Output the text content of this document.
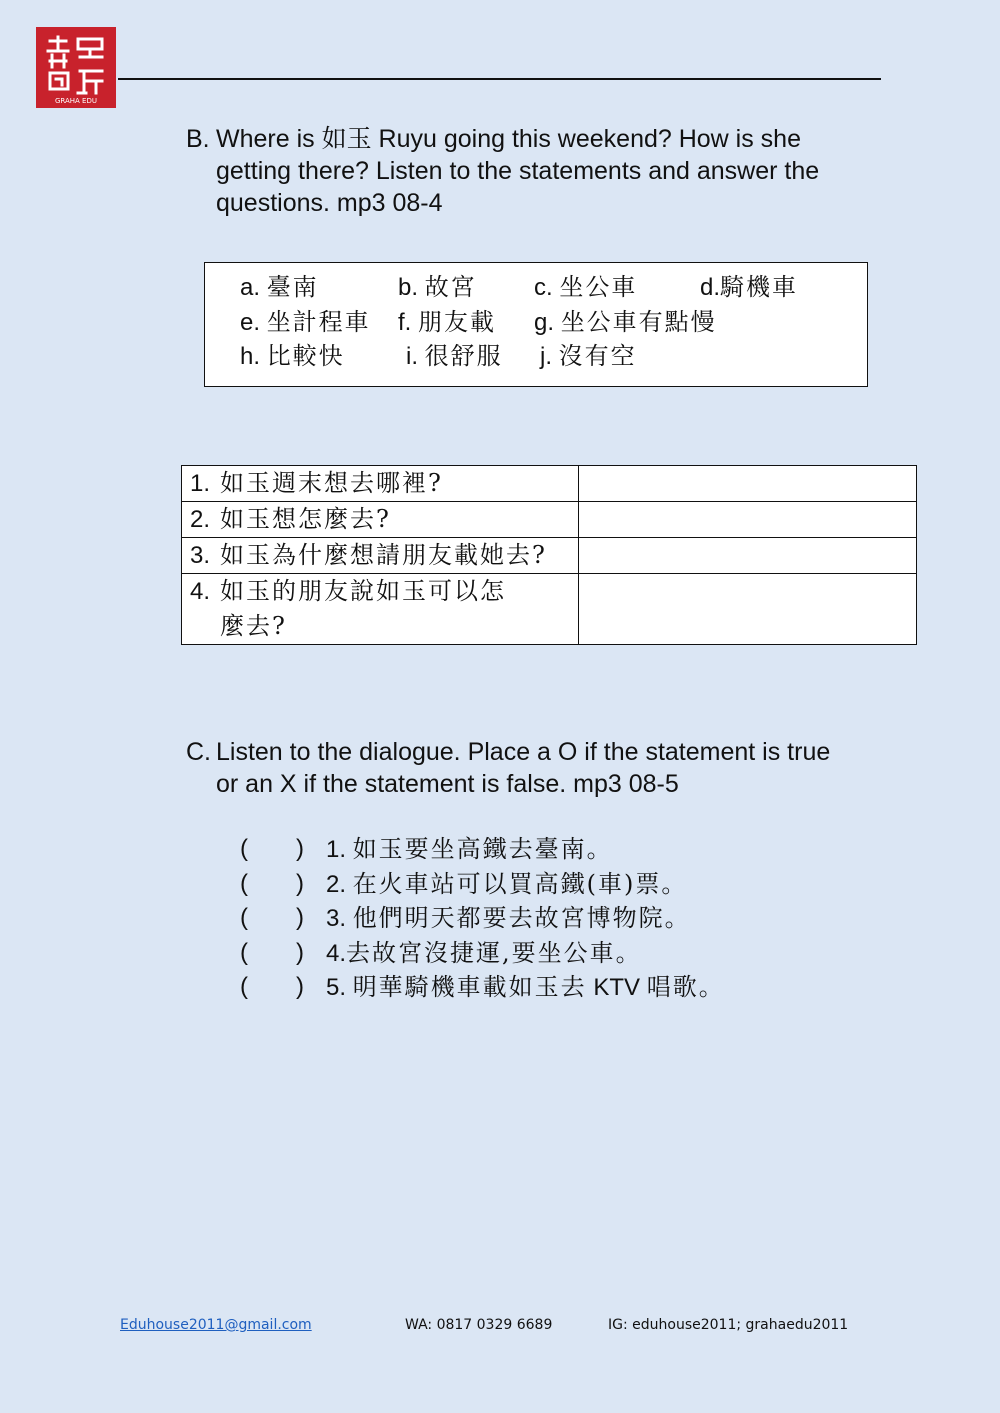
GRAHA EDU
B. Where is 如玉 Ruyu going this weekend? How is she
getting there? Listen to the statements and answer the
questions. mp3 08-4
a. 臺南	b. 故宮 c. 坐公車	d.騎機車
e. 坐計程車 f. 朋友載 g. 坐公車有點慢
h. 比較快	i. 很舒服 j. 沒有空
1. 如玉週末想去哪裡?	
2. 如玉想怎麼去?	
3. 如玉為什麼想請朋友載她去?	
4. 如玉的朋友說如玉可以怎
麼去?	

C. Listen to the dialogue. Place a O if the statement is true
or an X if the statement is false. mp3 08-5
( ) 1. 如玉要坐高鐵去臺南。
( ) 2. 在火車站可以買高鐵(車)票。
( ) 3. 他們明天都要去故宮博物院。
( ) 4.去故宮沒捷運,要坐公車。
( ) 5. 明華騎機車載如玉去 KTV 唱歌。
Eduhouse2011@gmail.com	WA: 0817 0329 6689	IG: eduhouse2011; grahaedu2011
